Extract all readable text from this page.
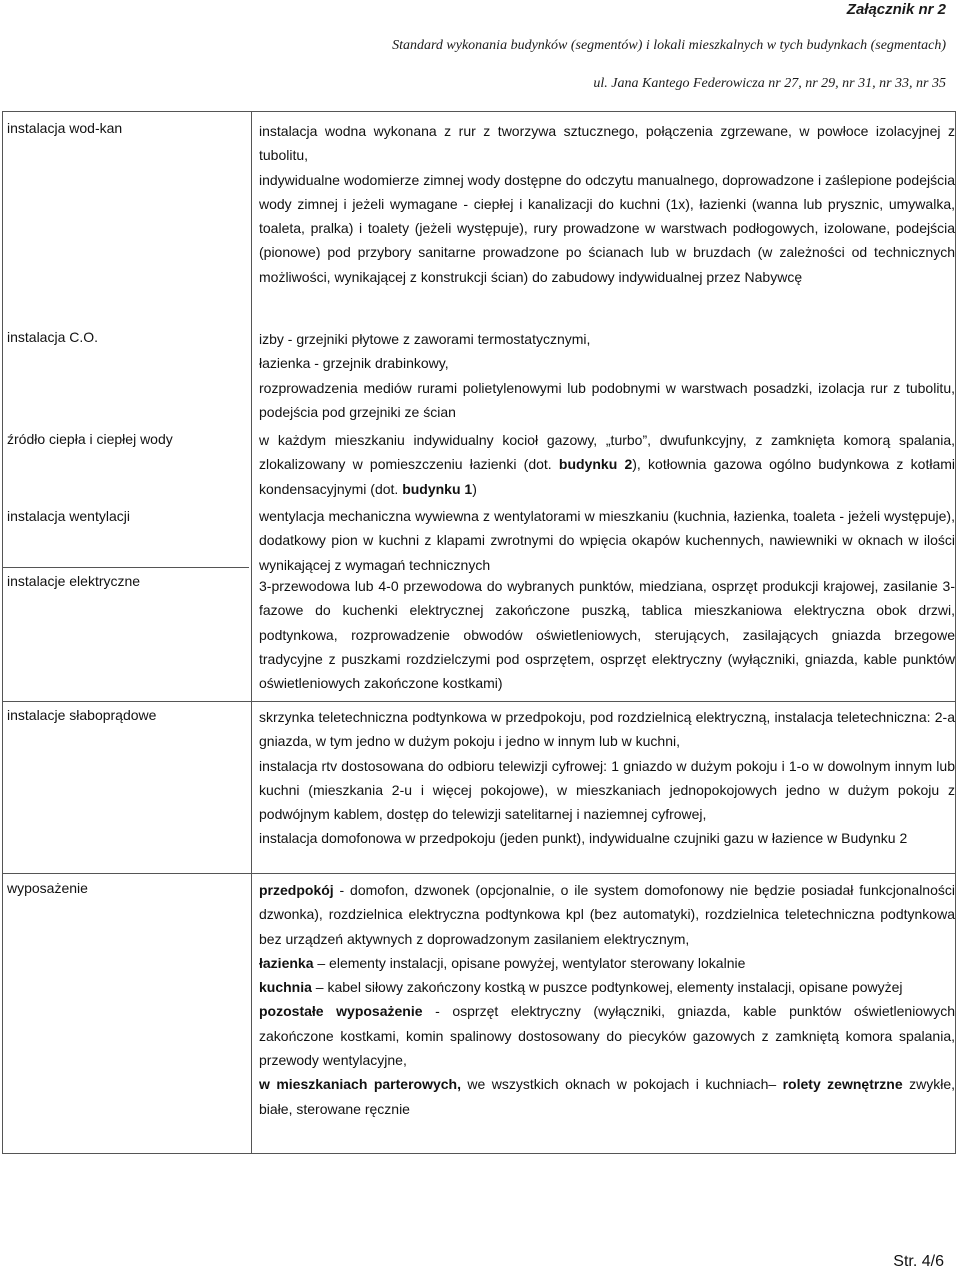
Załącznik nr 2
Standard wykonania budynków (segmentów) i lokali mieszkalnych w tych budynkach (segmentach)
ul. Jana Kantego Federowicza nr 27, nr 29, nr 31, nr 33, nr 35
instalacja wod-kan	instalacja wodna wykonana z rur z tworzywa sztucznego, połączenia zgrzewane, w powłoce izolacyjnej z tubolitu,
indywidualne wodomierze zimnej wody dostępne do odczytu manualnego, doprowadzone i zaślepione podejścia wody zimnej i jeżeli wymagane - ciepłej i kanalizacji do kuchni (1x), łazienki (wanna lub prysznic, umywalka, toaleta, pralka) i toalety (jeżeli występuje), rury prowadzone w warstwach podłogowych, izolowane, podejścia (pionowe) pod przybory sanitarne prowadzone po ścianach lub w bruzdach (w zależności od technicznych możliwości, wynikającej z konstrukcji ścian) do zabudowy indywidualnej przez Nabywcę
instalacja C.O.	izby - grzejniki płytowe z zaworami termostatycznymi,
łazienka - grzejnik drabinkowy,
rozprowadzenia mediów rurami polietylenowymi lub podobnymi w warstwach posadzki, izolacja rur z tubolitu, podejścia pod grzejniki ze ścian
źródło ciepła i ciepłej wody	w każdym mieszkaniu indywidualny kocioł gazowy, „turbo”, dwufunkcyjny, z zamknięta komorą spalania, zlokalizowany w pomieszczeniu łazienki (dot. budynku 2), kotłownia gazowa ogólno budynkowa z kotłami kondensacyjnymi (dot. budynku 1)
instalacja wentylacji	wentylacja mechaniczna wywiewna z wentylatorami w mieszkaniu (kuchnia, łazienka, toaleta - jeżeli występuje), dodatkowy pion w kuchni z klapami zwrotnymi do wpięcia okapów kuchennych, nawiewniki w oknach w ilości wynikającej z wymagań technicznych
instalacje elektryczne	3-przewodowa lub 4-0 przewodowa do wybranych punktów, miedziana, osprzęt produkcji krajowej, zasilanie 3-fazowe do kuchenki elektrycznej zakończone puszką, tablica mieszkaniowa elektryczna obok drzwi, podtynkowa, rozprowadzenie obwodów oświetleniowych, sterujących, zasilających gniazda brzegowe tradycyjne z puszkami rozdzielczymi pod osprzętem, osprzęt elektryczny (wyłączniki, gniazda, kable punktów oświetleniowych zakończone kostkami)
instalacje słaboprądowe	skrzynka teletechniczna podtynkowa w przedpokoju, pod rozdzielnicą elektryczną, instalacja teletechniczna: 2-a gniazda, w tym jedno w dużym pokoju i jedno w innym lub w kuchni,
instalacja rtv dostosowana do odbioru telewizji cyfrowej: 1 gniazdo w dużym pokoju i 1-o w dowolnym innym lub kuchni (mieszkania 2-u i więcej pokojowe), w mieszkaniach jednopokojowych jedno w dużym pokoju z podwójnym kablem, dostęp do telewizji satelitarnej i naziemnej cyfrowej,
instalacja domofonowa w przedpokoju (jeden punkt), indywidualne czujniki gazu w łazience w Budynku 2
wyposażenie	przedpokój - domofon, dzwonek (opcjonalnie, o ile system domofonowy nie będzie posiadał funkcjonalności dzwonka), rozdzielnica elektryczna podtynkowa kpl (bez automatyki), rozdzielnica teletechniczna podtynkowa bez urządzeń aktywnych z doprowadzonym zasilaniem elektrycznym,
łazienka – elementy instalacji, opisane powyżej, wentylator sterowany lokalnie
kuchnia – kabel siłowy zakończony kostką w puszce podtynkowej, elementy instalacji, opisane powyżej
pozostałe wyposażenie - osprzęt elektryczny (wyłączniki, gniazda, kable punktów oświetleniowych zakończone kostkami, komin spalinowy dostosowany do piecyków gazowych z zamkniętą komora spalania, przewody wentylacyjne,
w mieszkaniach parterowych, we wszystkich oknach w pokojach i kuchniach– rolety zewnętrzne zwykłe, białe, sterowane ręcznie
Str. 4/6
